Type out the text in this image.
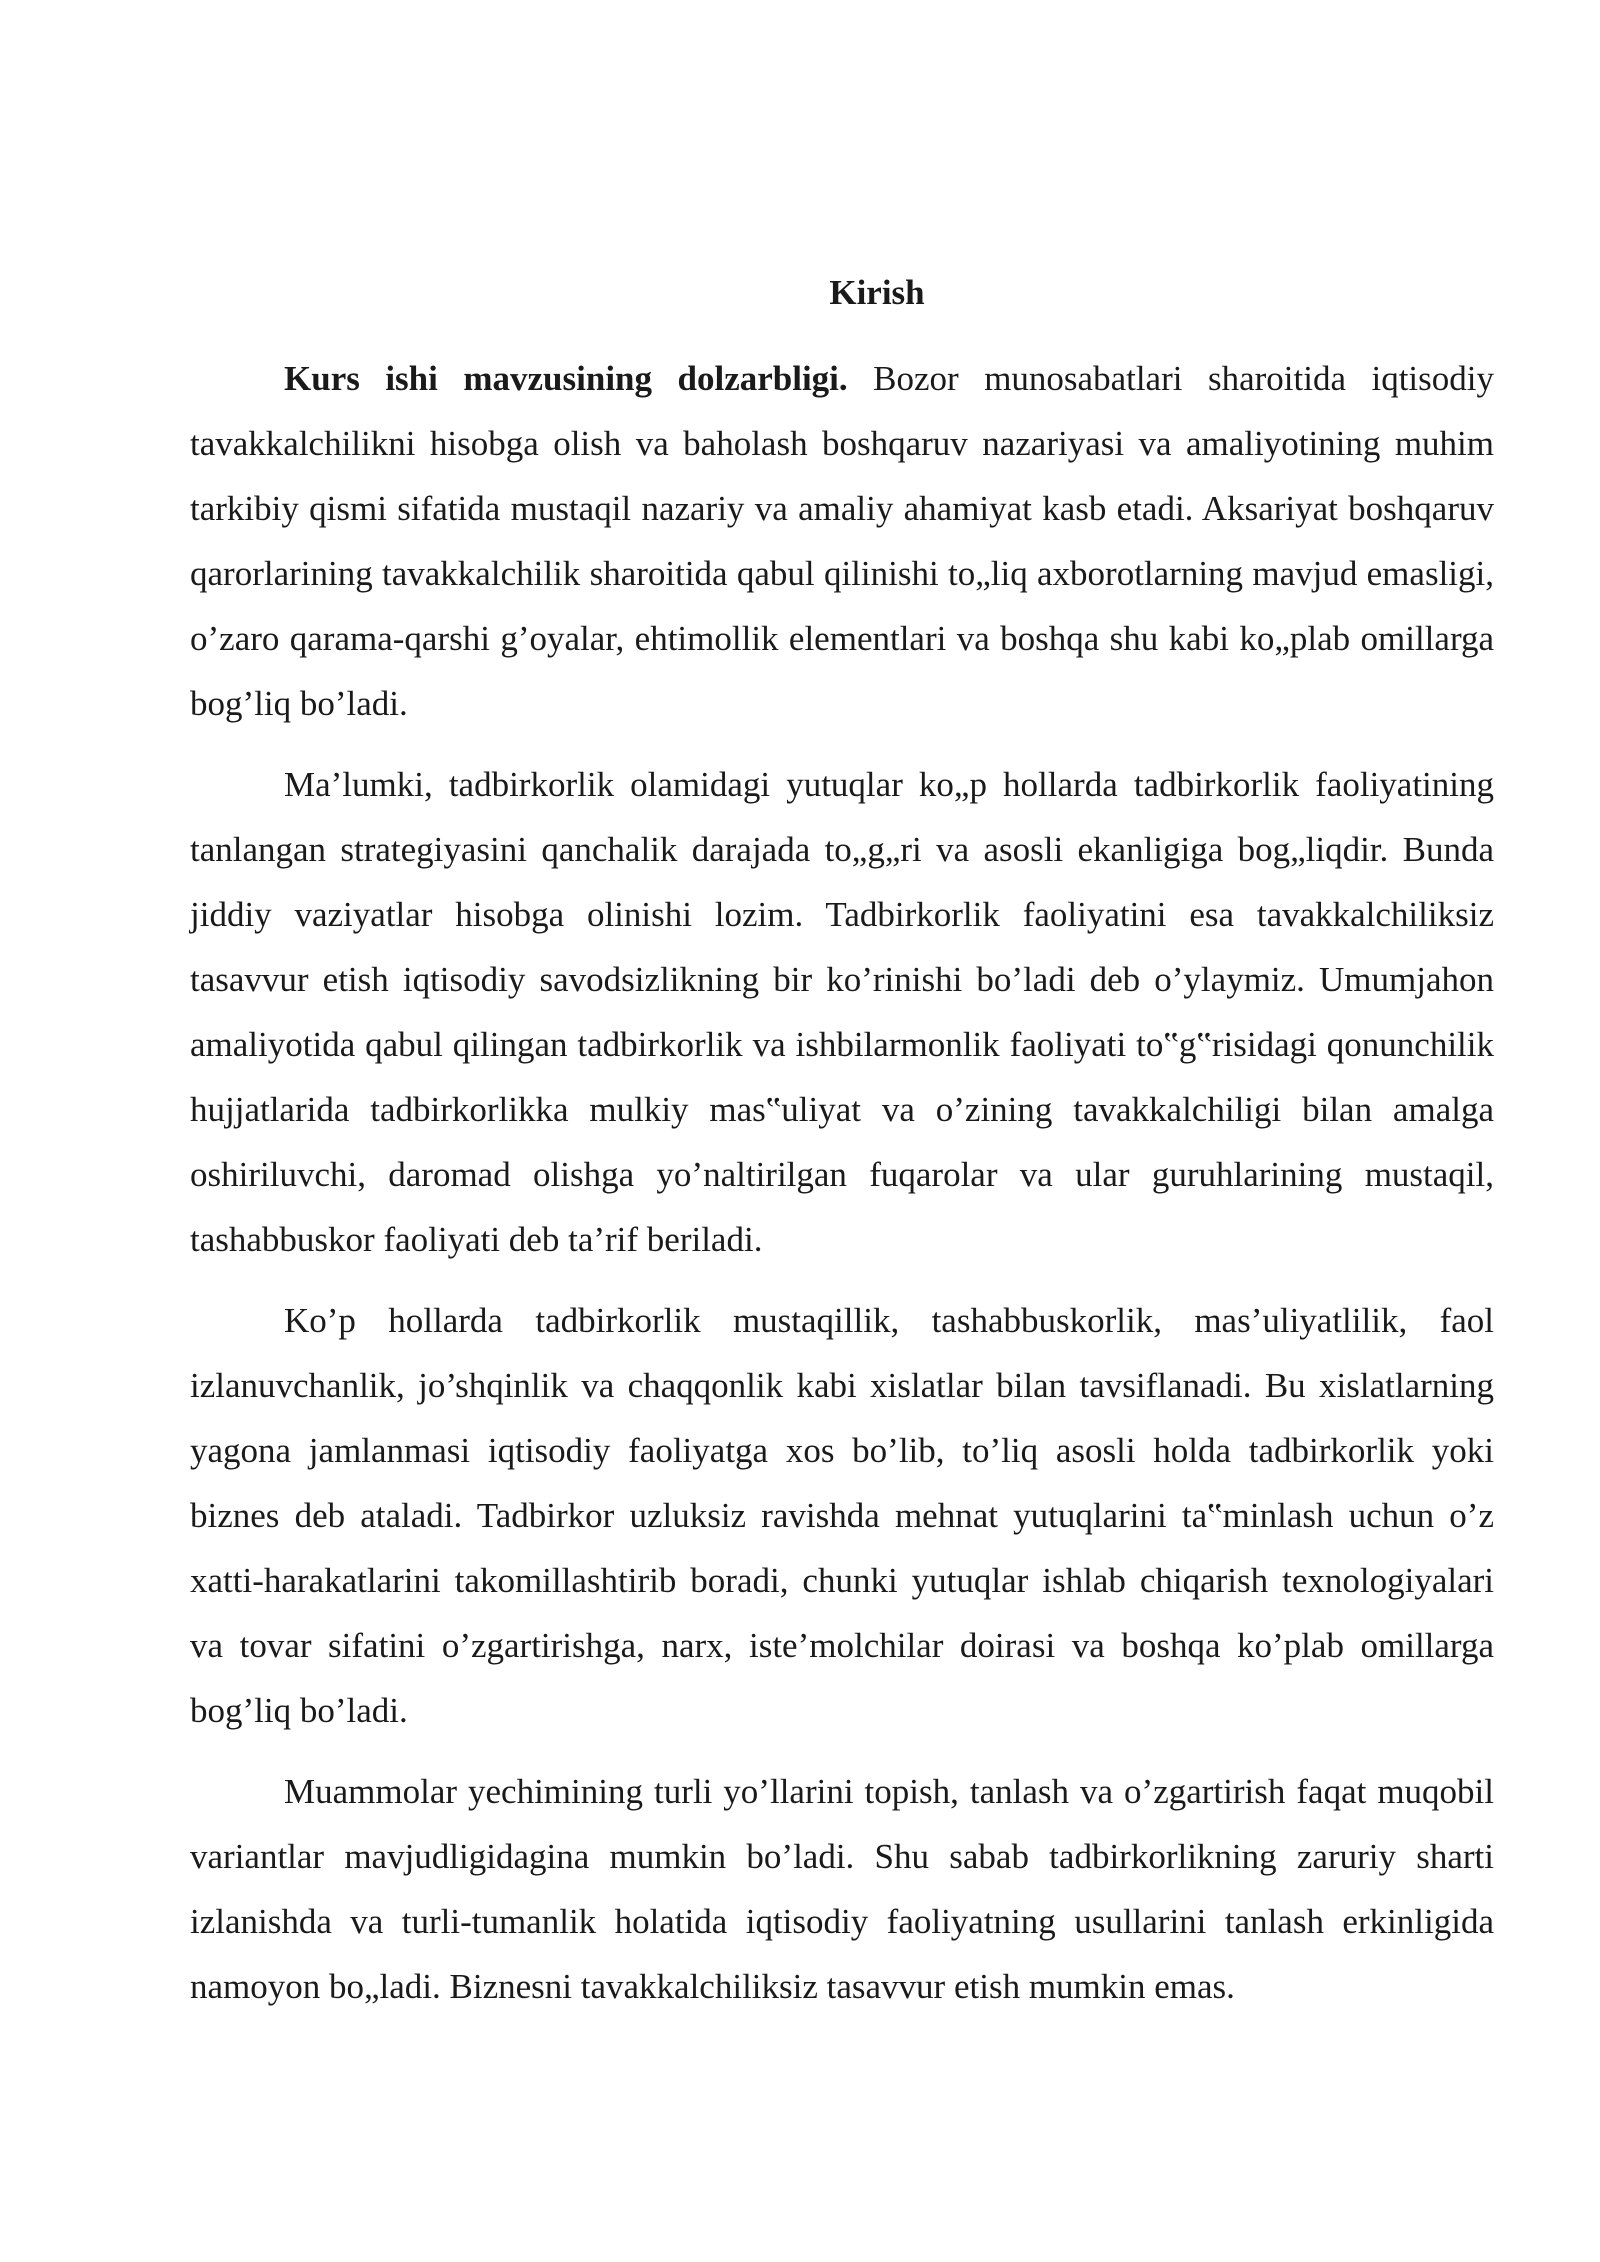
Kirish

Kurs ishi mavzusining dolzarbligi. Bozor munosabatlari sharoitida iqtisodiy tavakkalchilikni hisobga olish va baholash boshqaruv nazariyasi va amaliyotining muhim tarkibiy qismi sifatida mustaqil nazariy va amaliy ahamiyat kasb etadi. Aksariyat boshqaruv qarorlarining tavakkalchilik sharoitida qabul qilinishi to„liq axborotlarning mavjud emasligi, o’zaro qarama-qarshi g’oyalar, ehtimollik elementlari va boshqa shu kabi ko„plab omillarga bog’liq bo’ladi.

Ma’lumki, tadbirkorlik olamidagi yutuqlar ko„p hollarda tadbirkorlik faoliyatining tanlangan strategiyasini qanchalik darajada to„g„ri va asosli ekanligiga bog„liqdir. Bunda jiddiy vaziyatlar hisobga olinishi lozim. Tadbirkorlik faoliyatini esa tavakkalchiliksiz tasavvur etish iqtisodiy savodsizlikning bir ko’rinishi bo’ladi deb o’ylaymiz. Umumjahon amaliyotida qabul qilingan tadbirkorlik va ishbilarmonlik faoliyati to‟g‟risidagi qonunchilik hujjatlarida tadbirkorlikka mulkiy mas‟uliyat va o’zining tavakkalchiligi bilan amalga oshiriluvchi, daromad olishga yo’naltirilgan fuqarolar va ular guruhlarining mustaqil, tashabbuskor faoliyati deb ta’rif beriladi.

Ko’p hollarda tadbirkorlik mustaqillik, tashabbuskorlik, mas’uliyatlilik, faol izlanuvchanlik, jo’shqinlik va chaqqonlik kabi xislatlar bilan tavsiflanadi. Bu xislatlarning yagona jamlanmasi iqtisodiy faoliyatga xos bo’lib, to’liq asosli holda tadbirkorlik yoki biznes deb ataladi. Tadbirkor uzluksiz ravishda mehnat yutuqlarini ta‟minlash uchun o’z xatti-harakatlarini takomillashtirib boradi, chunki yutuqlar ishlab chiqarish texnologiyalari va tovar sifatini o’zgartirishga, narx, iste’molchilar doirasi va boshqa ko’plab omillarga bog’liq bo’ladi.

Muammolar yechimining turli yo’llarini topish, tanlash va o’zgartirish faqat muqobil variantlar mavjudligidagina mumkin bo’ladi. Shu sabab tadbirkorlikning zaruriy sharti izlanishda va turli-tumanlik holatida iqtisodiy faoliyatning usullarini tanlash erkinligida namoyon bo„ladi. Biznesni tavakkalchiliksiz tasavvur etish mumkin emas.
